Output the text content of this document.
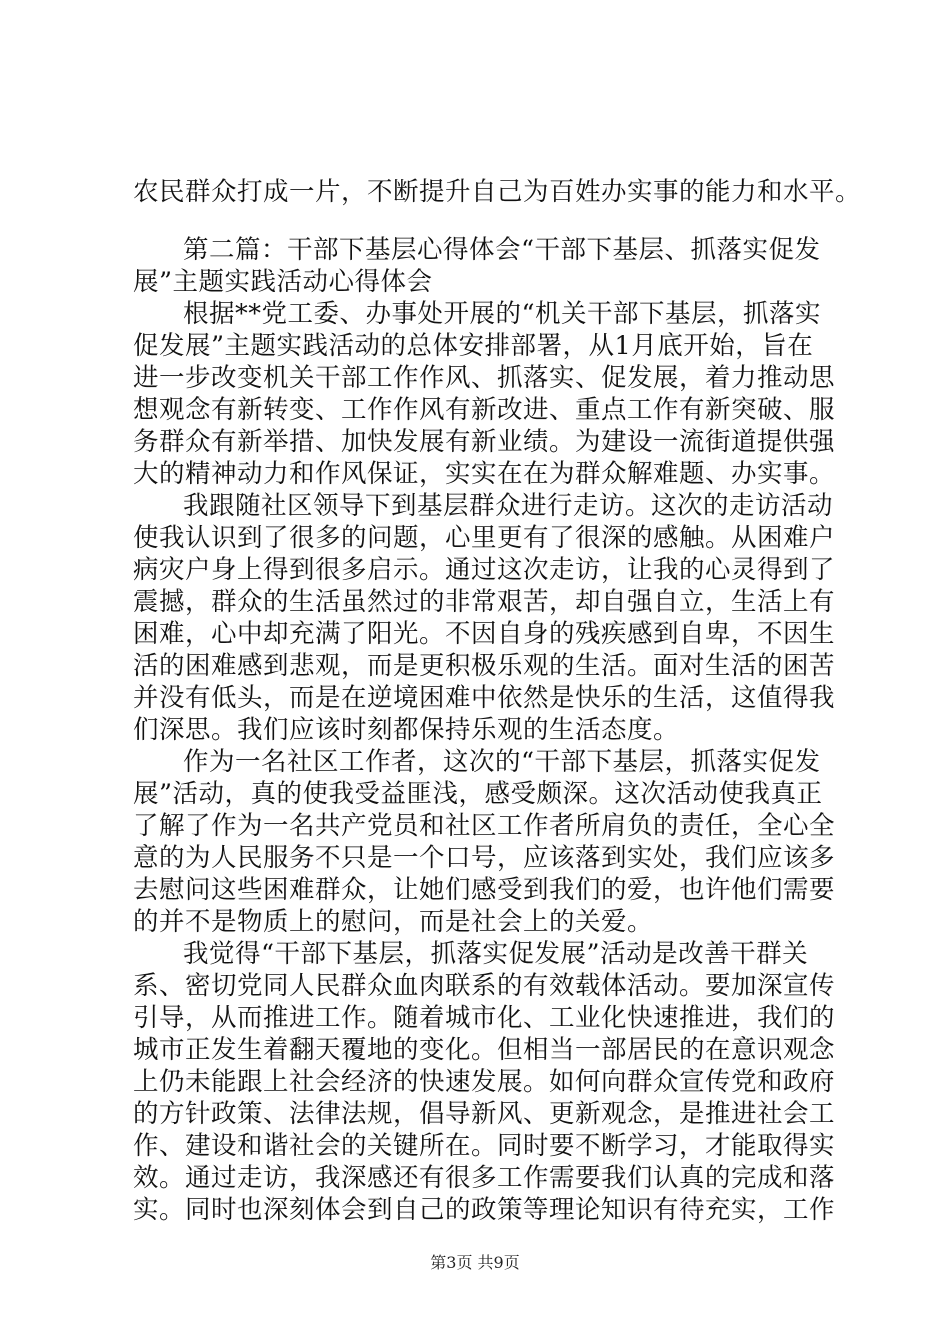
农民群众打成一片，不断提升自己为百姓办实事的能力和水平。
第二篇：干部下基层心得体会“干部下基层、抓落实促发
展”主题实践活动心得体会
根据**党工委、办事处开展的“机关干部下基层，抓落实
促发展”主题实践活动的总体安排部署，从1月底开始，旨在
进一步改变机关干部工作作风、抓落实、促发展，着力推动思
想观念有新转变、工作作风有新改进、重点工作有新突破、服
务群众有新举措、加快发展有新业绩。为建设一流街道提供强
大的精神动力和作风保证，实实在在为群众解难题、办实事。
我跟随社区领导下到基层群众进行走访。这次的走访活动
使我认识到了很多的问题，心里更有了很深的感触。从困难户
病灾户身上得到很多启示。通过这次走访，让我的心灵得到了
震撼，群众的生活虽然过的非常艰苦，却自强自立，生活上有
困难，心中却充满了阳光。不因自身的残疾感到自卑，不因生
活的困难感到悲观，而是更积极乐观的生活。面对生活的困苦
并没有低头，而是在逆境困难中依然是快乐的生活，这值得我
们深思。我们应该时刻都保持乐观的生活态度。
作为一名社区工作者，这次的“干部下基层，抓落实促发
展”活动，真的使我受益匪浅，感受颇深。这次活动使我真正
了解了作为一名共产党员和社区工作者所肩负的责任，全心全
意的为人民服务不只是一个口号，应该落到实处，我们应该多
去慰问这些困难群众，让她们感受到我们的爱，也许他们需要
的并不是物质上的慰问，而是社会上的关爱。
我觉得“干部下基层，抓落实促发展”活动是改善干群关
系、密切党同人民群众血肉联系的有效载体活动。要加深宣传
引导，从而推进工作。随着城市化、工业化快速推进，我们的
城市正发生着翻天覆地的变化。但相当一部居民的在意识观念
上仍未能跟上社会经济的快速发展。如何向群众宣传党和政府
的方针政策、法律法规，倡导新风、更新观念，是推进社会工
作、建设和谐社会的关键所在。同时要不断学习，才能取得实
效。通过走访，我深感还有很多工作需要我们认真的完成和落
实。同时也深刻体会到自己的政策等理论知识有待充实，工作
第3页 共9页
